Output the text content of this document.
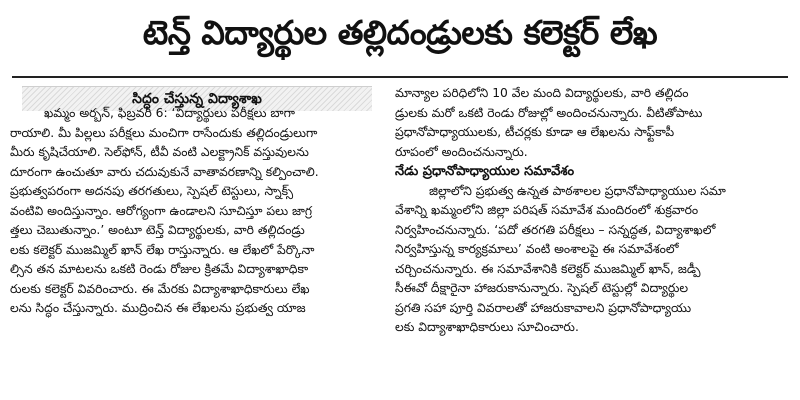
టెన్త్ విద్యార్థుల తల్లిదండ్రులకు కలెక్టర్ లేఖ
సిద్ధం చేస్తున్న విద్యాశాఖ
ఖమ్మం అర్బన్, ఫిబ్రవరి 6: ‘విద్యార్థులు పరీక్షలు బాగా
రాయాలి. మీ పిల్లలు పరీక్షలు మంచిగా రాసేందుకు తల్లిదండ్రులుగా
మీరు కృషిచేయాలి. సెల్‌ఫోన్, టీవీ వంటి ఎలక్ట్రానిక్ వస్తువులను
దూరంగా ఉంచుతూ వారు చదువుకునే వాతావరణాన్ని కల్పించాలి.
ప్రభుత్వపరంగా అదనపు తరగతులు, స్పెషల్ టెస్టులు, స్నాక్స్
వంటివి అందిస్తున్నాం. ఆరోగ్యంగా ఉండాలని సూచిస్తూ పలు జాగ్ర
త్తలు చెబుతున్నాం.’ అంటూ టెన్త్ విద్యార్థులకు, వారి తల్లిదండ్రు
లకు కలెక్టర్ ముజమ్మిల్ ఖాన్ లేఖ రాస్తున్నారు. ఆ లేఖలో పేర్కొనా
ల్సిన తన మాటలను ఒకటి రెండు రోజుల క్రితమే విద్యాశాఖాధికా
రులకు కలెక్టర్ వివరించారు. ఈ మేరకు విద్యాశాఖాధికారులు లేఖ
లను సిద్ధం చేస్తున్నారు. ముద్రించిన ఈ లేఖలను ప్రభుత్వ యాజ
మాన్యాల పరిధిలోని 10 వేల మంది విద్యార్థులకు, వారి తల్లిదం
డ్రులకు మరో ఒకటి రెండు రోజుల్లో అందించనున్నారు. వీటితోపాటు
ప్రధానోపాధ్యాయులకు, టీచర్లకు కూడా ఆ లేఖలను సాఫ్ట్‌కాపీ
రూపంలో అందించనున్నారు.
నేడు ప్రధానోపాధ్యాయుల సమావేశం
జిల్లాలోని ప్రభుత్వ ఉన్నత పాఠశాలల ప్రధానోపాధ్యాయుల సమా
వేశాన్ని ఖమ్మంలోని జిల్లా పరిషత్ సమావేశ మందిరంలో శుక్రవారం
నిర్వహించనున్నారు. ‘పదో తరగతి పరీక్షలు – సన్నద్ధత, విద్యాశాఖలో
నిర్వహిస్తున్న కార్యక్రమాలు’ వంటి అంశాలపై ఈ సమావేశంలో
చర్చించనున్నారు. ఈ సమావేశానికి కలెక్టర్ ముజమ్మిల్ ఖాన్, జడ్పీ
సీఈవో దీక్షారైనా హాజరుకానున్నారు. స్పెషల్ టెస్టుల్లో విద్యార్థుల
ప్రగతి సహా పూర్తి వివరాలతో హాజరుకావాలని ప్రధానోపాధ్యాయు
లకు విద్యాశాఖాధికారులు సూచించారు.
